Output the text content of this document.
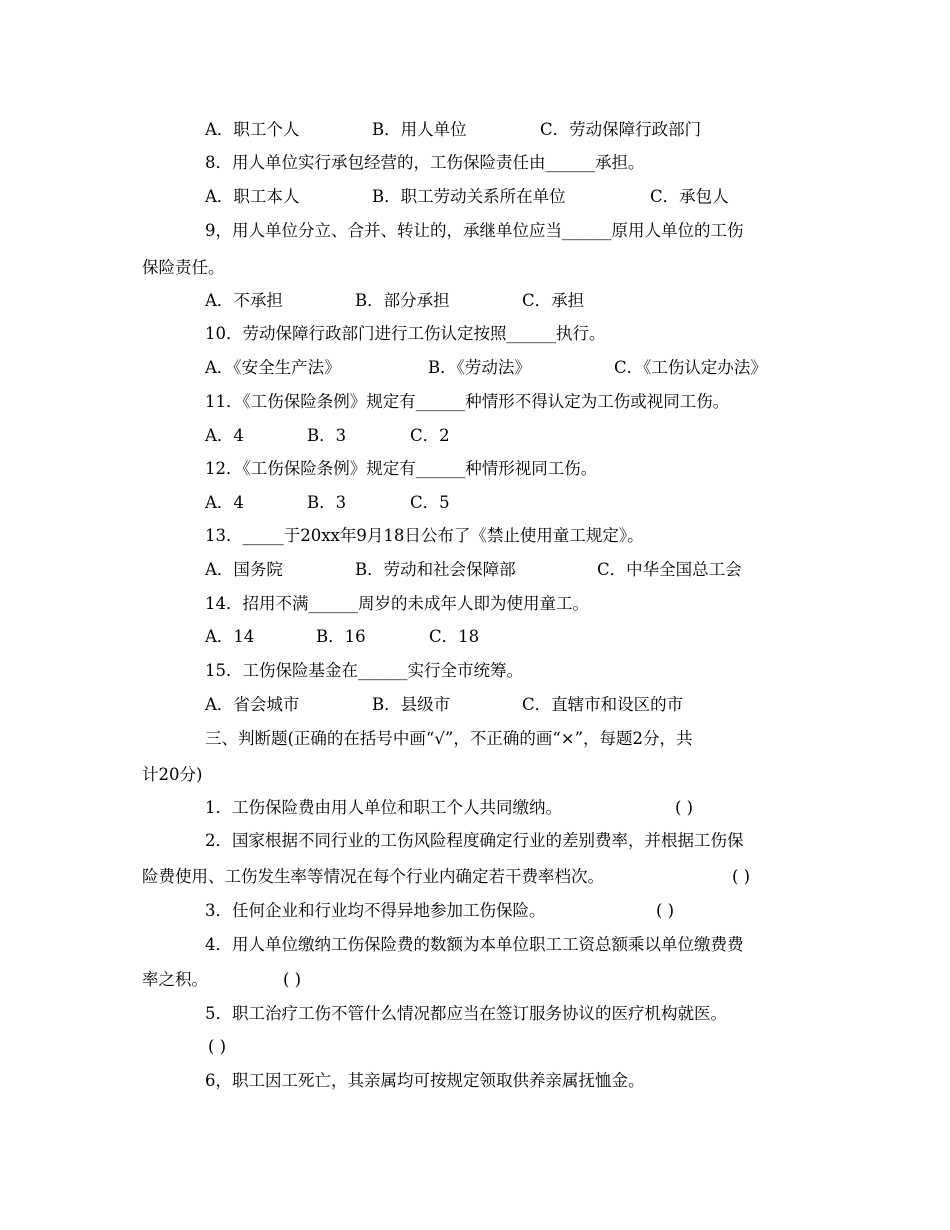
A．职工个人	B．用人单位	C．劳动保障行政部门
8．用人单位实行承包经营的，工伤保险责任由______承担。
A．职工本人	B．职工劳动关系所在单位	C．承包人
9，用人单位分立、合并、转让的，承继单位应当______原用人单位的工伤
保险责任。
A．不承担	B．部分承担	C．承担
10．劳动保障行政部门进行工伤认定按照______执行。
A．《安全生产法》	B．《劳动法》	C．《工伤认定办法》
11．《工伤保险条例》规定有______种情形不得认定为工伤或视同工伤。
A．4	B．3	C．2
12．《工伤保险条例》规定有______种情形视同工伤。
A．4	B．3	C．5
13．_____于20xx年9月18日公布了《禁止使用童工规定》。
A．国务院	B．劳动和社会保障部	C．中华全国总工会
14．招用不满______周岁的未成年人即为使用童工。
A．14	B．16	C．18
15．工伤保险基金在______实行全市统筹。
A．省会城市	B．县级市	C．直辖市和设区的市
三、判断题(正确的在括号中画“√”，不正确的画“×”，每题2分，共
计20分)
1．工伤保险费由用人单位和职工个人共同缴纳。	( )
2．国家根据不同行业的工伤风险程度确定行业的差别费率，并根据工伤保
险费使用、工伤发生率等情况在每个行业内确定若干费率档次。	( )
3．任何企业和行业均不得异地参加工伤保险。	( )
4．用人单位缴纳工伤保险费的数额为本单位职工工资总额乘以单位缴费费
率之积。	( )
5．职工治疗工伤不管什么情况都应当在签订服务协议的医疗机构就医。
( )
6，职工因工死亡，其亲属均可按规定领取供养亲属抚恤金。
